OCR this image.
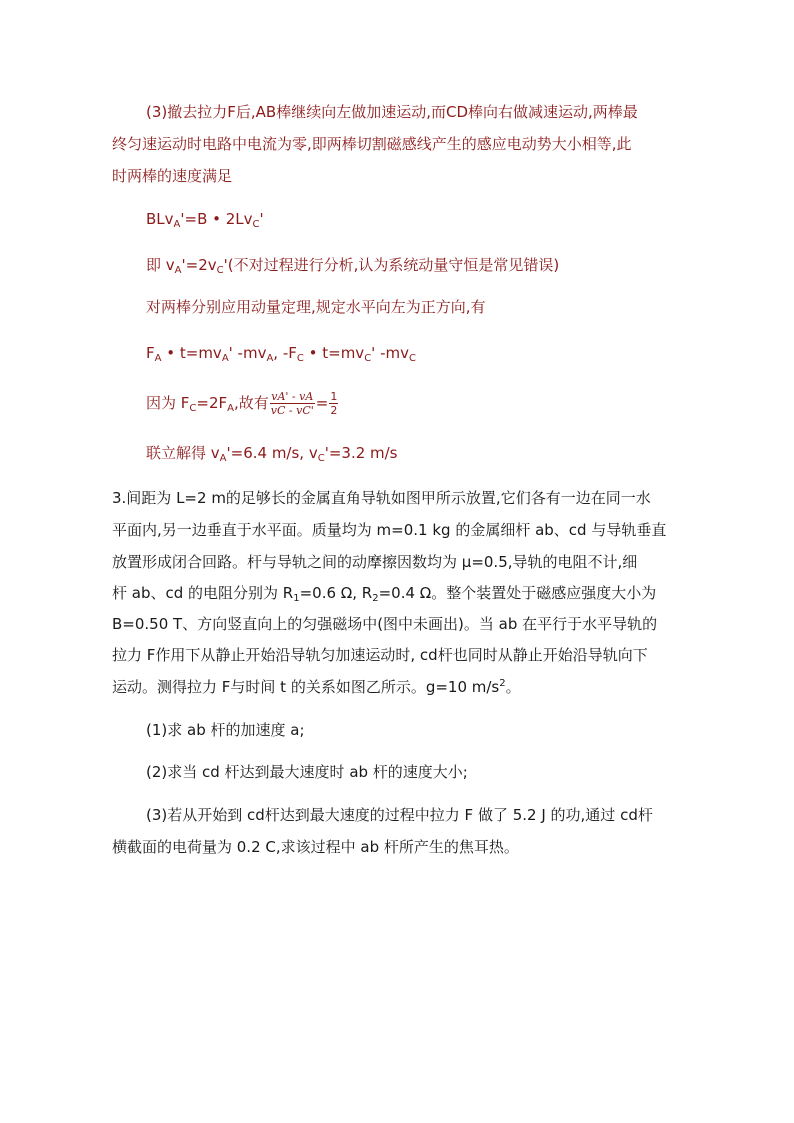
(3)撤去拉力F后,AB棒继续向左做加速运动,而CD棒向右做减速运动,两棒最
终匀速运动时电路中电流为零,即两棒切割磁感线产生的感应电动势大小相等,此
时两棒的速度满足
BLv$_A$'=B • $2Lv_C'$
即 $v_A'=2v_C'$(不对过程进行分析,认为系统动量守恒是常见错误)
对两棒分别应用动量定理,规定水平向左为正方向,有
$F_A$ • $t=mv_A'$ $-mv_A$, $-F_C$ • $t=mv_C'$ $-mv_C$
因为 $F_C=2F_A$,故有 $\frac{vA' - vA}{vC - vC'} = \frac{1}{2}$
联立解得 $v_A'=6.4$ m/s, $v_C'=3.2$ m/s
3.间距为 L=2 m的足够长的金属直角导轨如图甲所示放置,它们各有一边在同一水
平面内,另一边垂直于水平面。质量均为 m=0.1 kg 的金属细杆 ab、cd 与导轨垂直
放置形成闭合回路。杆与导轨之间的动摩擦因数均为 μ=0.5,导轨的电阻不计,细
杆 ab、cd 的电阻分别为 $R_1=0.6$ Ω, $R_2=0.4$ Ω。整个装置处于磁感应强度大小为
B=0.50 T、方向竖直向上的匀强磁场中(图中未画出)。当 ab 在平行于水平导轨的
拉力 F作用下从静止开始沿导轨匀加速运动时, cd杆也同时从静止开始沿导轨向下
运动。测得拉力 F与时间 t 的关系如图乙所示。g=10 $m/s^2$。
(1)求 ab 杆的加速度 a;
(2)求当 cd 杆达到最大速度时 ab 杆的速度大小;
(3)若从开始到 cd杆达到最大速度的过程中拉力 F 做了 5.2 J 的功,通过 cd杆
横截面的电荷量为 0.2 C,求该过程中 ab 杆所产生的焦耳热。
